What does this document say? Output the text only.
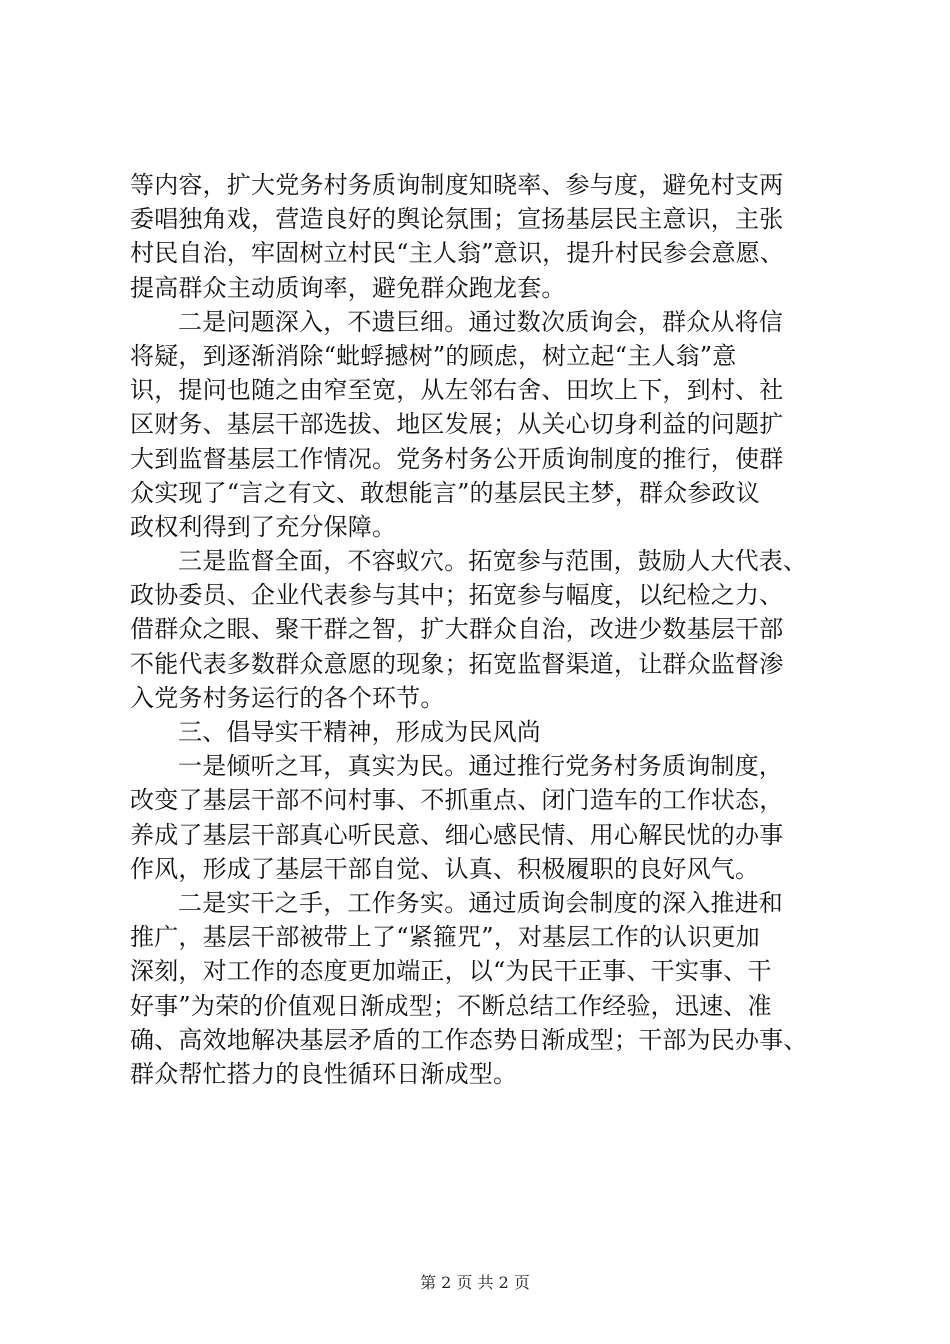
等内容，扩大党务村务质询制度知晓率、参与度，避免村支两
委唱独角戏，营造良好的舆论氛围；宣扬基层民主意识，主张
村民自治，牢固树立村民“主人翁”意识，提升村民参会意愿、
提高群众主动质询率，避免群众跑龙套。
二是问题深入，不遗巨细。通过数次质询会，群众从将信
将疑，到逐渐消除“蚍蜉撼树”的顾虑，树立起“主人翁”意
识，提问也随之由窄至宽，从左邻右舍、田坎上下，到村、社
区财务、基层干部选拔、地区发展；从关心切身利益的问题扩
大到监督基层工作情况。党务村务公开质询制度的推行，使群
众实现了“言之有文、敢想能言”的基层民主梦，群众参政议
政权利得到了充分保障。
三是监督全面，不容蚁穴。拓宽参与范围，鼓励人大代表、
政协委员、企业代表参与其中；拓宽参与幅度，以纪检之力、
借群众之眼、聚干群之智，扩大群众自治，改进少数基层干部
不能代表多数群众意愿的现象；拓宽监督渠道，让群众监督渗
入党务村务运行的各个环节。
三、倡导实干精神，形成为民风尚
一是倾听之耳，真实为民。通过推行党务村务质询制度，
改变了基层干部不问村事、不抓重点、闭门造车的工作状态，
养成了基层干部真心听民意、细心感民情、用心解民忧的办事
作风，形成了基层干部自觉、认真、积极履职的良好风气。
二是实干之手，工作务实。通过质询会制度的深入推进和
推广，基层干部被带上了“紧箍咒”，对基层工作的认识更加
深刻，对工作的态度更加端正，以“为民干正事、干实事、干
好事”为荣的价值观日渐成型；不断总结工作经验，迅速、准
确、高效地解决基层矛盾的工作态势日渐成型；干部为民办事、
群众帮忙搭力的良性循环日渐成型。
第 2 页 共 2 页
